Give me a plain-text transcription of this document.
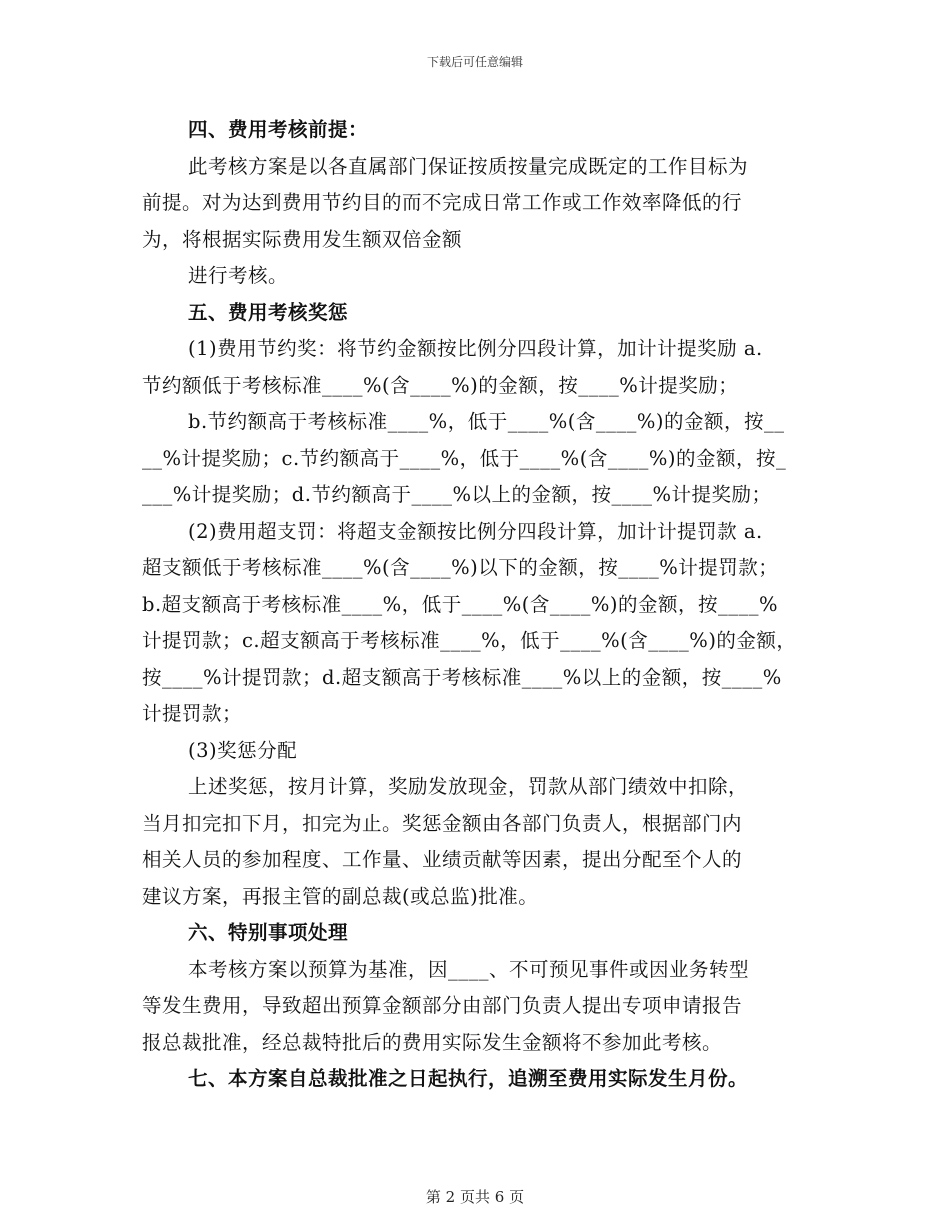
下载后可任意编辑

四、费用考核前提：

此考核方案是以各直属部门保证按质按量完成既定的工作目标为

前提。对为达到费用节约目的而不完成日常工作或工作效率降低的行

为，将根据实际费用发生额双倍金额

进行考核。

五、费用考核奖惩

(1)费用节约奖：将节约金额按比例分四段计算，加计计提奖励 a.

节约额低于考核标准____%(含____%)的金额，按____%计提奖励；

b.节约额高于考核标准____%，低于____%(含____%)的金额，按__

__%计提奖励；c.节约额高于____%，低于____%(含____%)的金额，按_

___%计提奖励；d.节约额高于____%以上的金额，按____%计提奖励；

(2)费用超支罚：将超支金额按比例分四段计算，加计计提罚款 a.

超支额低于考核标准____%(含____%)以下的金额，按____%计提罚款；

b.超支额高于考核标准____%，低于____%(含____%)的金额，按____%

计提罚款；c.超支额高于考核标准____%，低于____%(含____%)的金额，

按____%计提罚款；d.超支额高于考核标准____%以上的金额，按____%

计提罚款；

(3)奖惩分配

上述奖惩，按月计算，奖励发放现金，罚款从部门绩效中扣除，

当月扣完扣下月，扣完为止。奖惩金额由各部门负责人，根据部门内

相关人员的参加程度、工作量、业绩贡献等因素，提出分配至个人的

建议方案，再报主管的副总裁(或总监)批准。

六、特别事项处理

本考核方案以预算为基准，因____、不可预见事件或因业务转型

等发生费用，导致超出预算金额部分由部门负责人提出专项申请报告

报总裁批准，经总裁特批后的费用实际发生金额将不参加此考核。

七、本方案自总裁批准之日起执行，追溯至费用实际发生月份。

第 2 页共 6 页
